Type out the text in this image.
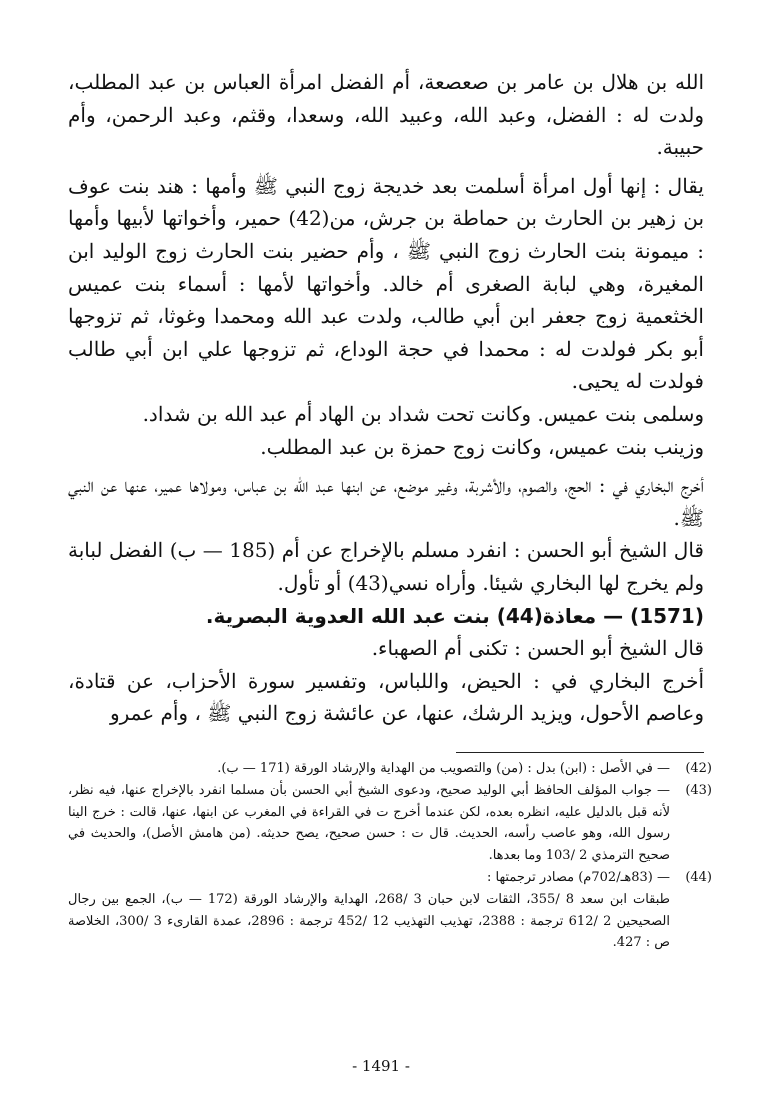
الله بن هلال بن عامر بن صعصعة، أم الفضل امرأة العباس بن عبد المطلب، ولدت له : الفضل، وعبد الله، وعبيد الله، وسعدا، وقثم، وعبد الرحمن، وأم حبيبة.

يقال : إنها أول امرأة أسلمت بعد خديجة زوج النبي ﷺ وأمها : هند بنت عوف بن زهير بن الحارث بن حماطة بن جرش، من(42) حمير، وأخواتها لأبيها وأمها : ميمونة بنت الحارث زوج النبي ﷺ ، وأم حضير بنت الحارث زوج الوليد ابن المغيرة، وهي لبابة الصغرى أم خالد. وأخواتها لأمها : أسماء بنت عميس الخثعمية زوج جعفر ابن أبي طالب، ولدت عبد الله ومحمدا وغوثا، ثم تزوجها أبو بكر فولدت له : محمدا في حجة الوداع، ثم تزوجها علي ابن أبي طالب فولدت له يحيى.

وسلمى بنت عميس. وكانت تحت شداد بن الهاد أم عبد الله بن شداد.

وزينب بنت عميس، وكانت زوج حمزة بن عبد المطلب.

أخرج البخاري في : الحج، والصوم، والأشربة، وغير موضع، عن ابنها عبد الله بن عباس، ومولاها عمير، عنها عن النبي ﷺ.

قال الشيخ أبو الحسن : انفرد مسلم بالإخراج عن أم (185 — ب) الفضل لبابة ولم يخرج لها البخاري شيئا. وأراه نسي(43) أو تأول.

(1571) — معاذة(44) بنت عبد الله العدوية البصرية.

قال الشيخ أبو الحسن : تكنى أم الصهباء.

أخرج البخاري في : الحيض، واللباس، وتفسير سورة الأحزاب، عن قتادة، وعاصم الأحول، ويزيد الرشك، عنها، عن عائشة زوج النبي ﷺ ، وأم عمرو

(42)

— في الأصل : (ابن) بدل : (من) والتصويب من الهداية والإرشاد الورقة (171 — ب).

(43)

— جواب المؤلف الحافظ أبي الوليد صحيح، ودعوى الشيخ أبي الحسن بأن مسلما انفرد بالإخراج عنها، فيه نظر، لأنه قبل بالدليل عليه، انظره بعده، لكن عندما أخرج ت في القراءة في المغرب عن ابنها، عنها، قالت : خرج الينا رسول الله، وهو عاصب رأسه، الحديث. قال ت : حسن صحيح، يصح حديثه. (من هامش الأصل)، والحديث في صحيح الترمذي 2 /103 وما بعدها.

(44)

— (83هـ/702م) مصادر ترجمتها :

طبقات ابن سعد 8 /355، الثقات لابن حبان 3 /268، الهداية والإرشاد الورقة (172 — ب)، الجمع بين رجال الصحيحين 2 /612 ترجمة : 2388، تهذيب التهذيب 12 /452 ترجمة : 2896، عمدة القارىء 3 /300، الخلاصة ص : 427.

- 1491 -
